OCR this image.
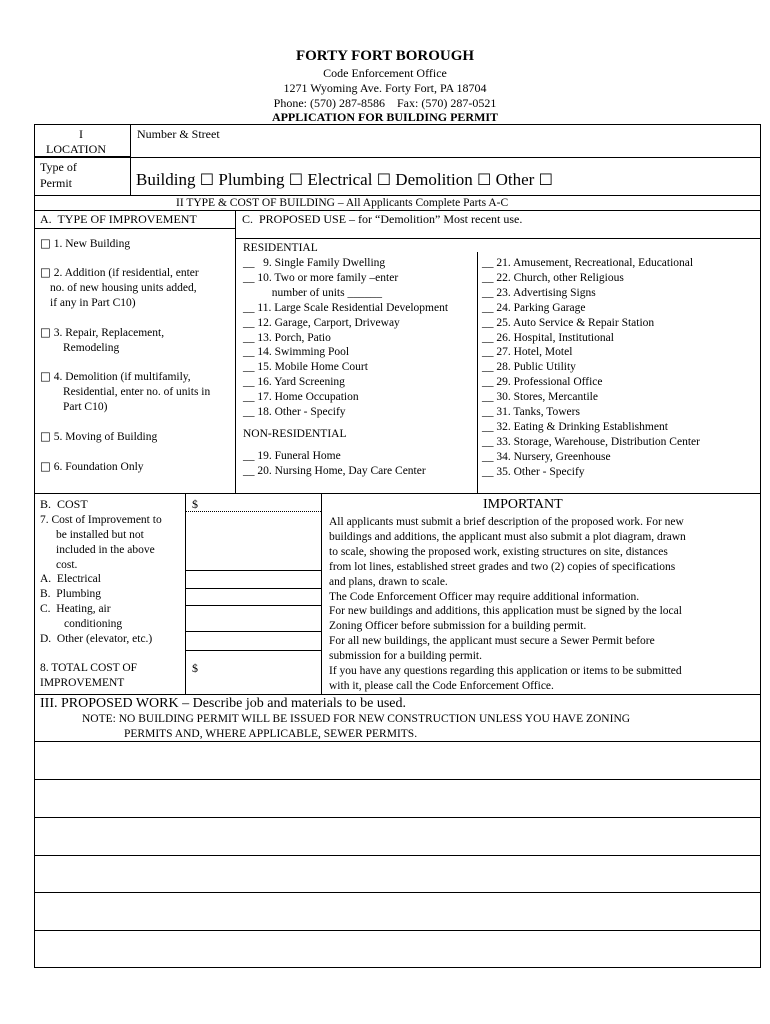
FORTY FORT BOROUGH
Code Enforcement Office
1271 Wyoming Ave. Forty Fort, PA 18704
Phone: (570) 287-8586    Fax: (570) 287-0521
APPLICATION FOR BUILDING PERMIT
I
LOCATION
Number & Street
Type of
Permit	Building ☐ Plumbing ☐ Electrical ☐ Demolition ☐ Other ☐
II TYPE & COST OF BUILDING – All Applicants Complete Parts A-C
A.  TYPE OF IMPROVEMENT
□ 1. New Building
□ 2. Addition (if residential, enter
no. of new housing units added,
if any in Part C10)
□ 3. Repair, Replacement,
Remodeling
□ 4. Demolition (if multifamily,
Residential, enter no. of units in
Part C10)
□ 5. Moving of Building
□ 6. Foundation Only
C.  PROPOSED USE – for “Demolition” Most recent use.
RESIDENTIAL
__   9. Single Family Dwelling
__ 10. Two or more family –enter
number of units ______
__ 11. Large Scale Residential Development
__ 12. Garage, Carport, Driveway
__ 13. Porch, Patio
__ 14. Swimming Pool
__ 15. Mobile Home Court
__ 16. Yard Screening
__ 17. Home Occupation
__ 18. Other - Specify
NON-RESIDENTIAL
__ 19. Funeral Home
__ 20. Nursing Home, Day Care Center
__ 21. Amusement, Recreational, Educational
__ 22. Church, other Religious
__ 23. Advertising Signs
__ 24. Parking Garage
__ 25. Auto Service & Repair Station
__ 26. Hospital, Institutional
__ 27. Hotel, Motel
__ 28. Public Utility
__ 29. Professional Office
__ 30. Stores, Mercantile
__ 31. Tanks, Towers
__ 32. Eating & Drinking Establishment
__ 33. Storage, Warehouse, Distribution Center
__ 34. Nursery, Greenhouse
__ 35. Other - Specify
B.  COST	$
7. Cost of Improvement to
be installed but not
included in the above
cost.
A.  Electrical
B.  Plumbing
C.  Heating, air
conditioning
D.  Other (elevator, etc.)
8. TOTAL COST OF
IMPROVEMENT
$
IMPORTANT
All applicants must submit a brief description of the proposed work. For new
buildings and additions, the applicant must also submit a plot diagram, drawn
to scale, showing the proposed work, existing structures on site, distances
from lot lines, established street grades and two (2) copies of specifications
and plans, drawn to scale.
The Code Enforcement Officer may require additional information.
For new buildings and additions, this application must be signed by the local
Zoning Officer before submission for a building permit.
For all new buildings, the applicant must secure a Sewer Permit before
submission for a building permit.
If you have any questions regarding this application or items to be submitted
with it, please call the Code Enforcement Office.
III. PROPOSED WORK – Describe job and materials to be used.
NOTE: NO BUILDING PERMIT WILL BE ISSUED FOR NEW CONSTRUCTION UNLESS YOU HAVE ZONING
PERMITS AND, WHERE APPLICABLE, SEWER PERMITS.
